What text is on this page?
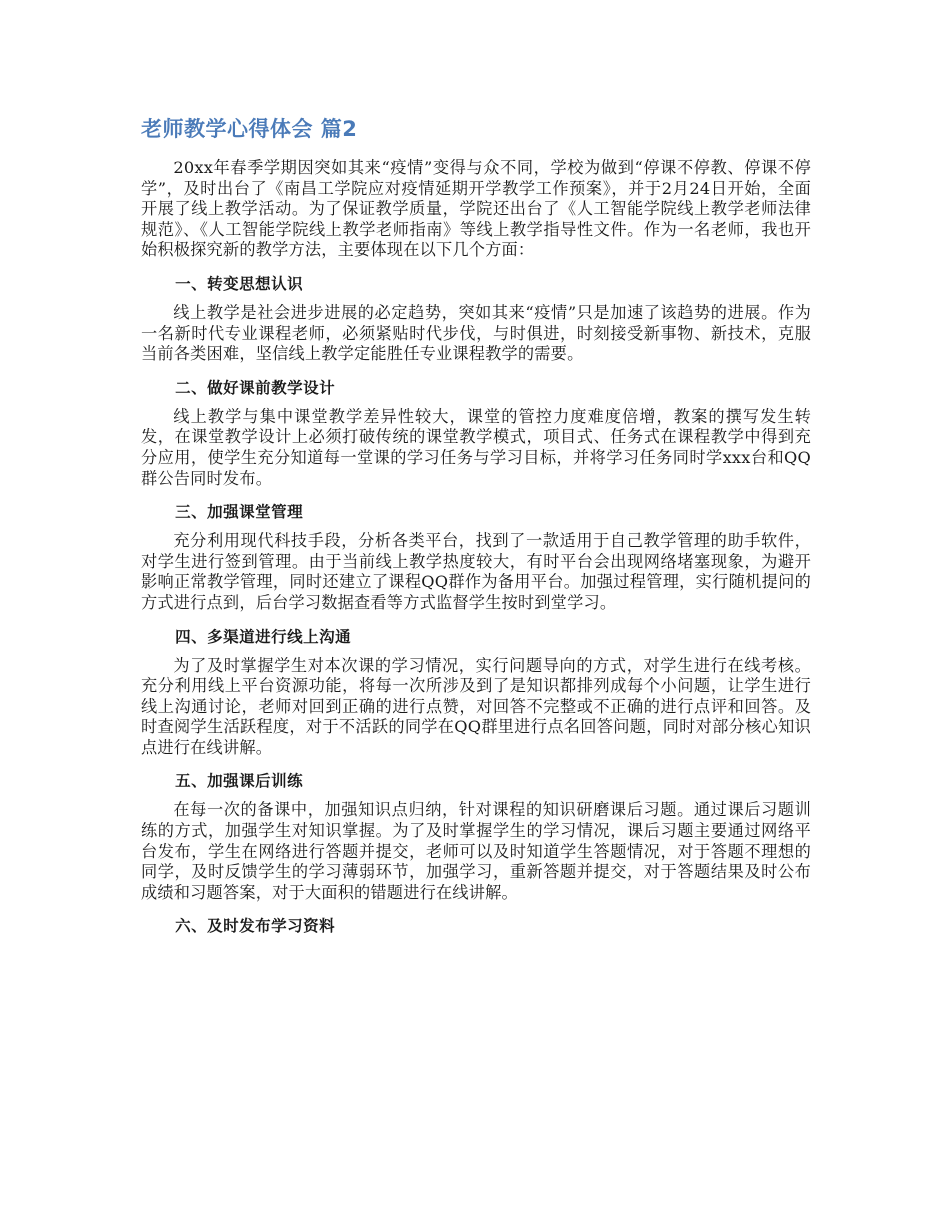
老师教学心得体会 篇2

20xx年春季学期因突如其来“疫情”变得与众不同，学校为做到“停课不停教、停课不停学”，及时出台了《南昌工学院应对疫情延期开学教学工作预案》，并于2月24日开始，全面开展了线上教学活动。为了保证教学质量，学院还出台了《人工智能学院线上教学老师法律规范》、《人工智能学院线上教学老师指南》等线上教学指导性文件。作为一名老师，我也开始积极探究新的教学方法，主要体现在以下几个方面：

一、转变思想认识

线上教学是社会进步进展的必定趋势，突如其来“疫情”只是加速了该趋势的进展。作为一名新时代专业课程老师，必须紧贴时代步伐，与时俱进，时刻接受新事物、新技术，克服当前各类困难，坚信线上教学定能胜任专业课程教学的需要。

二、做好课前教学设计

线上教学与集中课堂教学差异性较大，课堂的管控力度难度倍增，教案的撰写发生转发，在课堂教学设计上必须打破传统的课堂教学模式，项目式、任务式在课程教学中得到充分应用，使学生充分知道每一堂课的学习任务与学习目标，并将学习任务同时学xxx台和QQ群公告同时发布。

三、加强课堂管理

充分利用现代科技手段，分析各类平台，找到了一款适用于自己教学管理的助手软件，对学生进行签到管理。由于当前线上教学热度较大，有时平台会出现网络堵塞现象，为避开影响正常教学管理，同时还建立了课程QQ群作为备用平台。加强过程管理，实行随机提问的方式进行点到，后台学习数据查看等方式监督学生按时到堂学习。

四、多渠道进行线上沟通

为了及时掌握学生对本次课的学习情况，实行问题导向的方式，对学生进行在线考核。充分利用线上平台资源功能，将每一次所涉及到了是知识都排列成每个小问题，让学生进行线上沟通讨论，老师对回到正确的进行点赞，对回答不完整或不正确的进行点评和回答。及时查阅学生活跃程度，对于不活跃的同学在QQ群里进行点名回答问题，同时对部分核心知识点进行在线讲解。

五、加强课后训练

在每一次的备课中，加强知识点归纳，针对课程的知识研磨课后习题。通过课后习题训练的方式，加强学生对知识掌握。为了及时掌握学生的学习情况，课后习题主要通过网络平台发布，学生在网络进行答题并提交，老师可以及时知道学生答题情况，对于答题不理想的同学，及时反馈学生的学习薄弱环节，加强学习，重新答题并提交，对于答题结果及时公布成绩和习题答案，对于大面积的错题进行在线讲解。

六、及时发布学习资料
